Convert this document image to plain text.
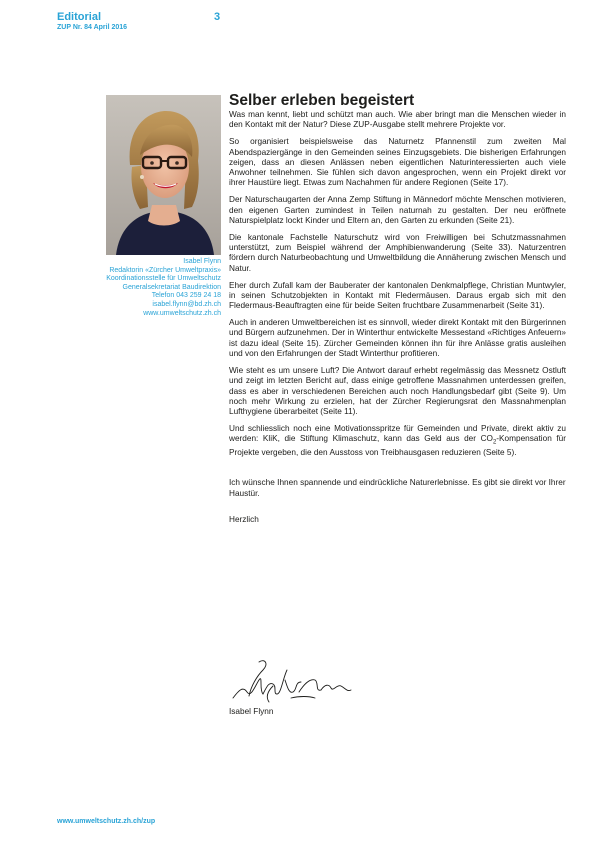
Editorial
ZUP Nr. 84 April 2016
3
Isabel Flynn
Redaktorin «Zürcher Umweltpraxis»
Koordinationsstelle für Umweltschutz
Generalsekretariat Baudirektion
Telefon 043 259 24 18
isabel.flynn@bd.zh.ch
www.umweltschutz.zh.ch
Selber erleben begeistert

Was man kennt, liebt und schützt man auch. Wie aber bringt man die Menschen wieder in den Kontakt mit der Natur? Diese ZUP-Ausgabe stellt mehrere Projekte vor.

So organisiert beispielsweise das Naturnetz Pfannenstil zum zweiten Mal Abendspaziergänge in den Gemeinden seines Einzugsgebiets. Die bisherigen Erfahrungen zeigen, dass an diesen Anlässen neben eigentlichen Naturinteressierten auch viele Anwohner teilnehmen. Sie fühlen sich davon angesprochen, wenn ein Projekt direkt vor ihrer Haustüre liegt. Etwas zum Nachahmen für andere Regionen (Seite 17).

Der Naturschaugarten der Anna Zemp Stiftung in Männedorf möchte Menschen motivieren, den eigenen Garten zumindest in Teilen naturnah zu gestalten. Der neu eröffnete Naturspielplatz lockt Kinder und Eltern an, den Garten zu erkunden (Seite 21).

Die kantonale Fachstelle Naturschutz wird von Freiwilligen bei Schutzmassnahmen unterstützt, zum Beispiel während der Amphibienwanderung (Seite 33). Naturzentren fördern durch Naturbeobachtung und Umweltbildung die Annäherung zwischen Mensch und Natur.

Eher durch Zufall kam der Bauberater der kantonalen Denkmalpflege, Christian Muntwyler, in seinen Schutzobjekten in Kontakt mit Fledermäusen. Daraus ergab sich mit den Fledermaus-Beauftragten eine für beide Seiten fruchtbare Zusammenarbeit (Seite 31).

Auch in anderen Umweltbereichen ist es sinnvoll, wieder direkt Kontakt mit den Bürgerinnen und Bürgern aufzunehmen. Der in Winterthur entwickelte Messestand «Richtiges Anfeuern» ist dazu ideal (Seite 15). Zürcher Gemeinden können ihn für ihre Anlässe gratis ausleihen und von den Erfahrungen der Stadt Winterthur profitieren.

Wie steht es um unsere Luft? Die Antwort darauf erhebt regelmässig das Messnetz Ostluft und zeigt im letzten Bericht auf, dass einige getroffene Massnahmen unterdessen greifen, dass es aber in verschiedenen Bereichen auch noch Handlungsbedarf gibt (Seite 9). Um noch mehr Wirkung zu erzielen, hat der Zürcher Regierungsrat den Massnahmenplan Lufthygiene überarbeitet (Seite 11).

Und schliesslich noch eine Motivationsspritze für Gemeinden und Private, direkt aktiv zu werden: KliK, die Stiftung Klimaschutz, kann das Geld aus der $CO_2$-Kompensation für Projekte vergeben, die den Ausstoss von Treibhausgasen reduzieren (Seite 5).

Ich wünsche Ihnen spannende und eindrückliche Naturerlebnisse. Es gibt sie direkt vor Ihrer Haustür.

Herzlich

Isabel Flynn
www.umweltschutz.zh.ch/zup
